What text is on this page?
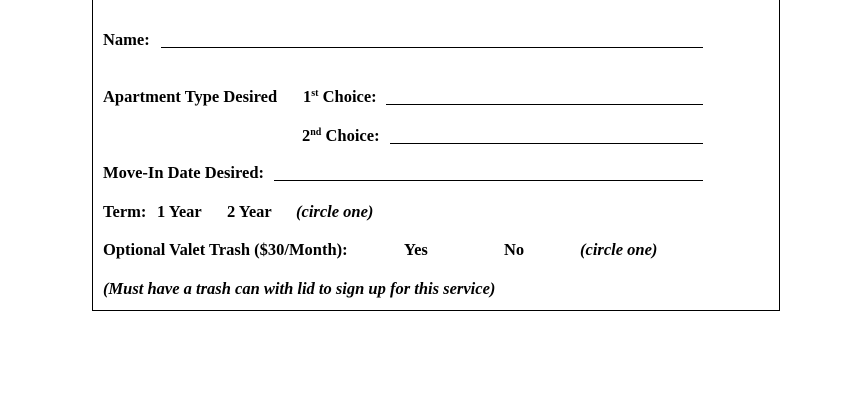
Name:
Apartment Type Desired 1st Choice:
2nd Choice:
Move-In Date Desired:
Term: 1 Year 2 Year (circle one)
Optional Valet Trash ($30/Month):	Yes	No	(circle one)
(Must have a trash can with lid to sign up for this service)
